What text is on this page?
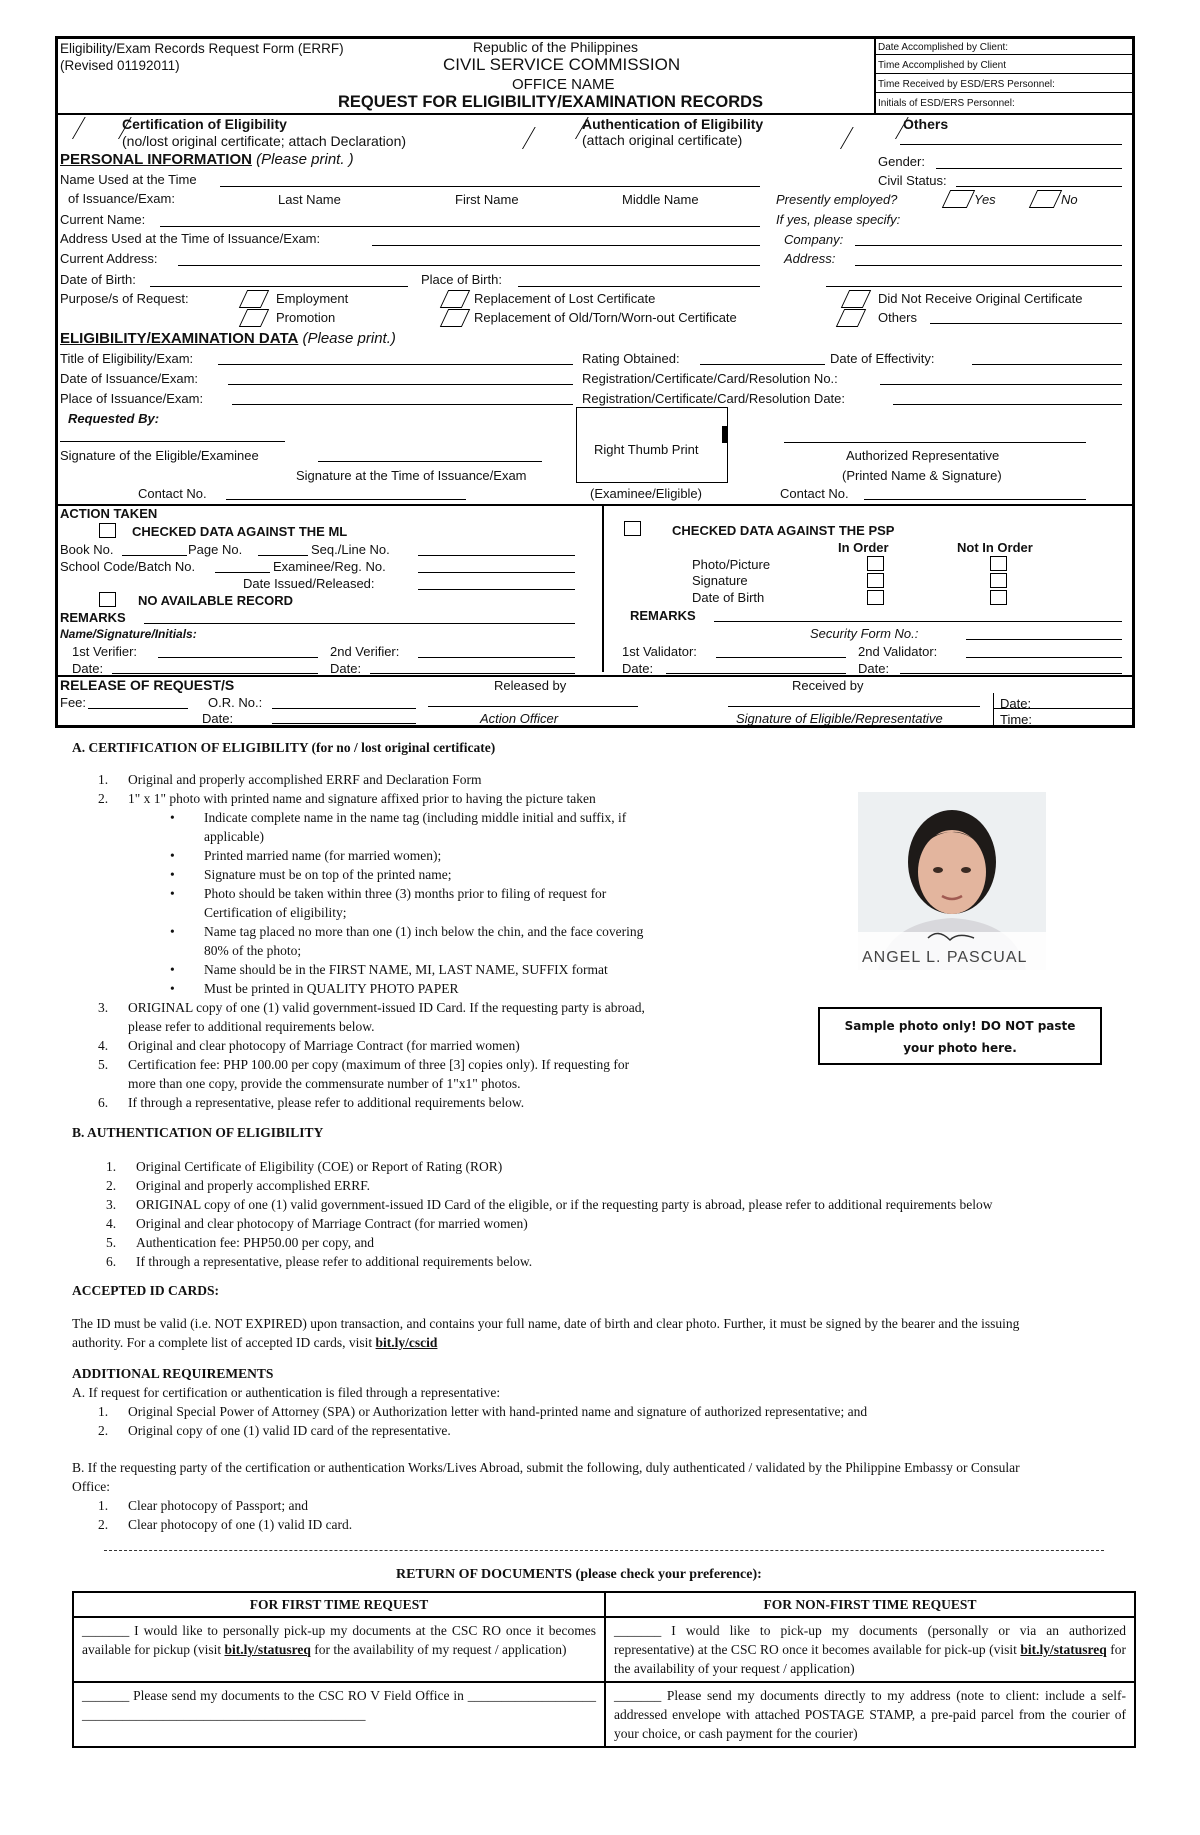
Eligibility/Exam Records Request Form (ERRF)
(Revised 01192011)
Republic of the Philippines
CIVIL SERVICE COMMISSION
OFFICE NAME
REQUEST FOR ELIGIBILITY/EXAMINATION RECORDS
Date Accomplished by Client:
Time Accomplished by Client
Time Received by ESD/ERS Personnel:
Initials of ESD/ERS Personnel:
Certification of Eligibility
(no/lost original certificate; attach Declaration)
Authentication of Eligibility
(attach original certificate)
Others
PERSONAL INFORMATION (Please print. )
Name Used at the Time
of Issuance/Exam:	Last Name	First Name	Middle Name
Current Name:
Address Used at the Time of Issuance/Exam:
Current Address:
Date of Birth:	Place of Birth:
Purpose/s of Request:	Employment
Promotion
Replacement of Lost Certificate
Replacement of Old/Torn/Worn-out Certificate
Did Not Receive Original Certificate
Others
Gender:
Civil Status:
Presently employed?	Yes	No
If yes, please specify:
Company:
Address:
ELIGIBILITY/EXAMINATION DATA (Please print.)
Title of Eligibility/Exam:
Date of Issuance/Exam:
Place of Issuance/Exam:
Rating Obtained:	Date of Effectivity:
Registration/Certificate/Card/Resolution No.:
Registration/Certificate/Card/Resolution Date:
Requested By:
Signature of the Eligible/Examinee
Signature at the Time of Issuance/Exam
Contact No.
Right Thumb Print
(Examinee/Eligible)
Authorized Representative
(Printed Name & Signature)
Contact No.
ACTION TAKEN
CHECKED DATA AGAINST THE ML
Book No.	Page No.	Seq./Line No.
School Code/Batch No.	Examinee/Reg. No.
Date Issued/Released:
NO AVAILABLE RECORD
REMARKS
Name/Signature/Initials:
1st Verifier:	2nd Verifier:
Date:	Date:
CHECKED DATA AGAINST THE PSP
In Order	Not In Order
Photo/Picture
Signature
Date of Birth
REMARKS
Security Form No.:
1st Validator:	2nd Validator:
Date:	Date:
RELEASE OF REQUEST/S	Released by	Received by
Fee:	O.R. No.:
Date:	Action Officer	Signature of Eligible/Representative
Date:
Time:
A. CERTIFICATION OF ELIGIBILITY (for no / lost original certificate)
1. Original and properly accomplished ERRF and Declaration Form
2. 1" x 1" photo with printed name and signature affixed prior to having the picture taken
• Indicate complete name in the name tag (including middle initial and suffix, if
applicable)
• Printed married name (for married women);
• Signature must be on top of the printed name;
• Photo should be taken within three (3) months prior to filing of request for
Certification of eligibility;
• Name tag placed no more than one (1) inch below the chin, and the face covering
80% of the photo;
• Name should be in the FIRST NAME, MI, LAST NAME, SUFFIX format
• Must be printed in QUALITY PHOTO PAPER
3. ORIGINAL copy of one (1) valid government-issued ID Card. If the requesting party is abroad,
please refer to additional requirements below.
4. Original and clear photocopy of Marriage Contract (for married women)
5. Certification fee: PHP 100.00 per copy (maximum of three [3] copies only). If requesting for
more than one copy, provide the commensurate number of 1"x1" photos.
6. If through a representative, please refer to additional requirements below.
ANGEL L. PASCUAL
Sample photo only! DO NOT paste
your photo here.
B. AUTHENTICATION OF ELIGIBILITY
1. Original Certificate of Eligibility (COE) or Report of Rating (ROR)
2. Original and properly accomplished ERRF.
3. ORIGINAL copy of one (1) valid government-issued ID Card of the eligible, or if the requesting party is abroad, please refer to additional requirements below
4. Original and clear photocopy of Marriage Contract (for married women)
5. Authentication fee: PHP50.00 per copy, and
6. If through a representative, please refer to additional requirements below.
ACCEPTED ID CARDS:
The ID must be valid (i.e. NOT EXPIRED) upon transaction, and contains your full name, date of birth and clear photo. Further, it must be signed by the bearer and the issuing
authority. For a complete list of accepted ID cards, visit bit.ly/cscid
ADDITIONAL REQUIREMENTS
A. If request for certification or authentication is filed through a representative:
1. Original Special Power of Attorney (SPA) or Authorization letter with hand-printed name and signature of authorized representative; and
2. Original copy of one (1) valid ID card of the representative.
B. If the requesting party of the certification or authentication Works/Lives Abroad, submit the following, duly authenticated / validated by the Philippine Embassy or Consular
Office:
1. Clear photocopy of Passport; and
2. Clear photocopy of one (1) valid ID card.
RETURN OF DOCUMENTS (please check your preference):
FOR FIRST TIME REQUEST	FOR NON-FIRST TIME REQUEST
_______ I would like to personally pick-up my documents at the CSC RO once it becomes available for pickup (visit bit.ly/statusreq for the availability of my request / application)	_______ I would like to pick-up my documents (personally or via an authorized representative) at the CSC RO once it becomes available for pick-up (visit bit.ly/statusreq for the availability of your request / application)
_______ Please send my documents to the CSC RO V Field Office in _____________________________________________________________	_______ Please send my documents directly to my address (note to client: include a self-addressed envelope with attached POSTAGE STAMP, a pre-paid parcel from the courier of your choice, or cash payment for the courier)
